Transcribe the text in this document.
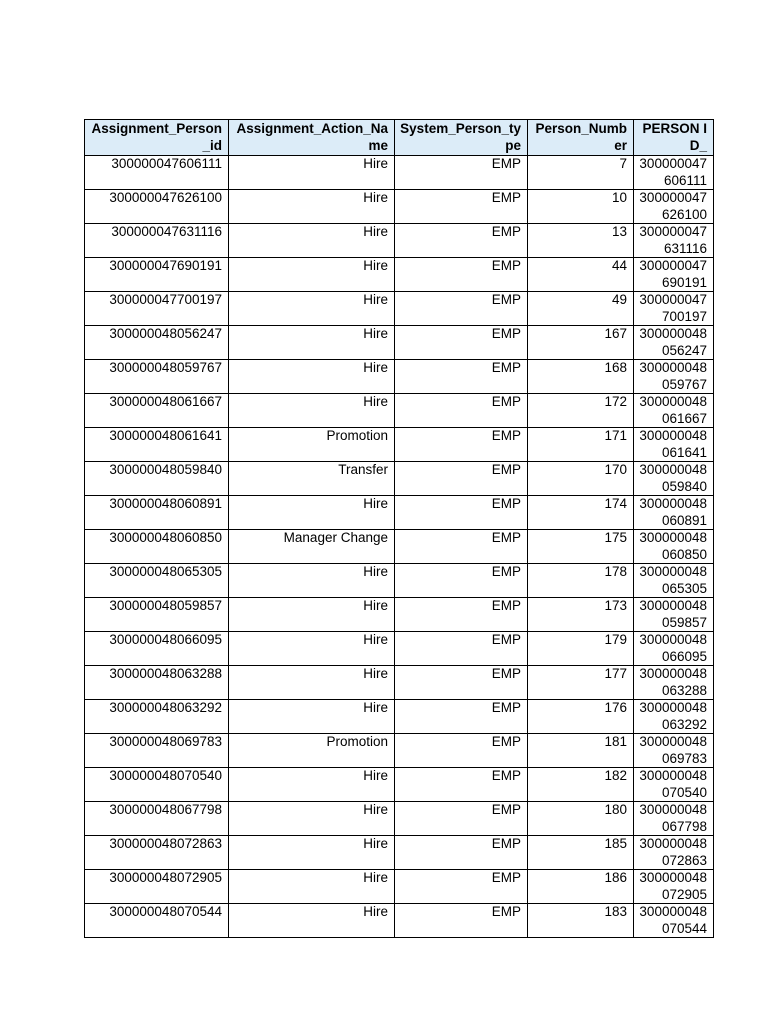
Assignment_Person_id	Assignment_Action_Name	System_Person_type	Person_Number	PERSON ID_
300000047606111	Hire	EMP	7	300000047606111
300000047626100	Hire	EMP	10	300000047626100
300000047631116	Hire	EMP	13	300000047631116
300000047690191	Hire	EMP	44	300000047690191
300000047700197	Hire	EMP	49	300000047700197
300000048056247	Hire	EMP	167	300000048056247
300000048059767	Hire	EMP	168	300000048059767
300000048061667	Hire	EMP	172	300000048061667
300000048061641	Promotion	EMP	171	300000048061641
300000048059840	Transfer	EMP	170	300000048059840
300000048060891	Hire	EMP	174	300000048060891
300000048060850	Manager Change	EMP	175	300000048060850
300000048065305	Hire	EMP	178	300000048065305
300000048059857	Hire	EMP	173	300000048059857
300000048066095	Hire	EMP	179	300000048066095
300000048063288	Hire	EMP	177	300000048063288
300000048063292	Hire	EMP	176	300000048063292
300000048069783	Promotion	EMP	181	300000048069783
300000048070540	Hire	EMP	182	300000048070540
300000048067798	Hire	EMP	180	300000048067798
300000048072863	Hire	EMP	185	300000048072863
300000048072905	Hire	EMP	186	300000048072905
300000048070544	Hire	EMP	183	300000048070544
